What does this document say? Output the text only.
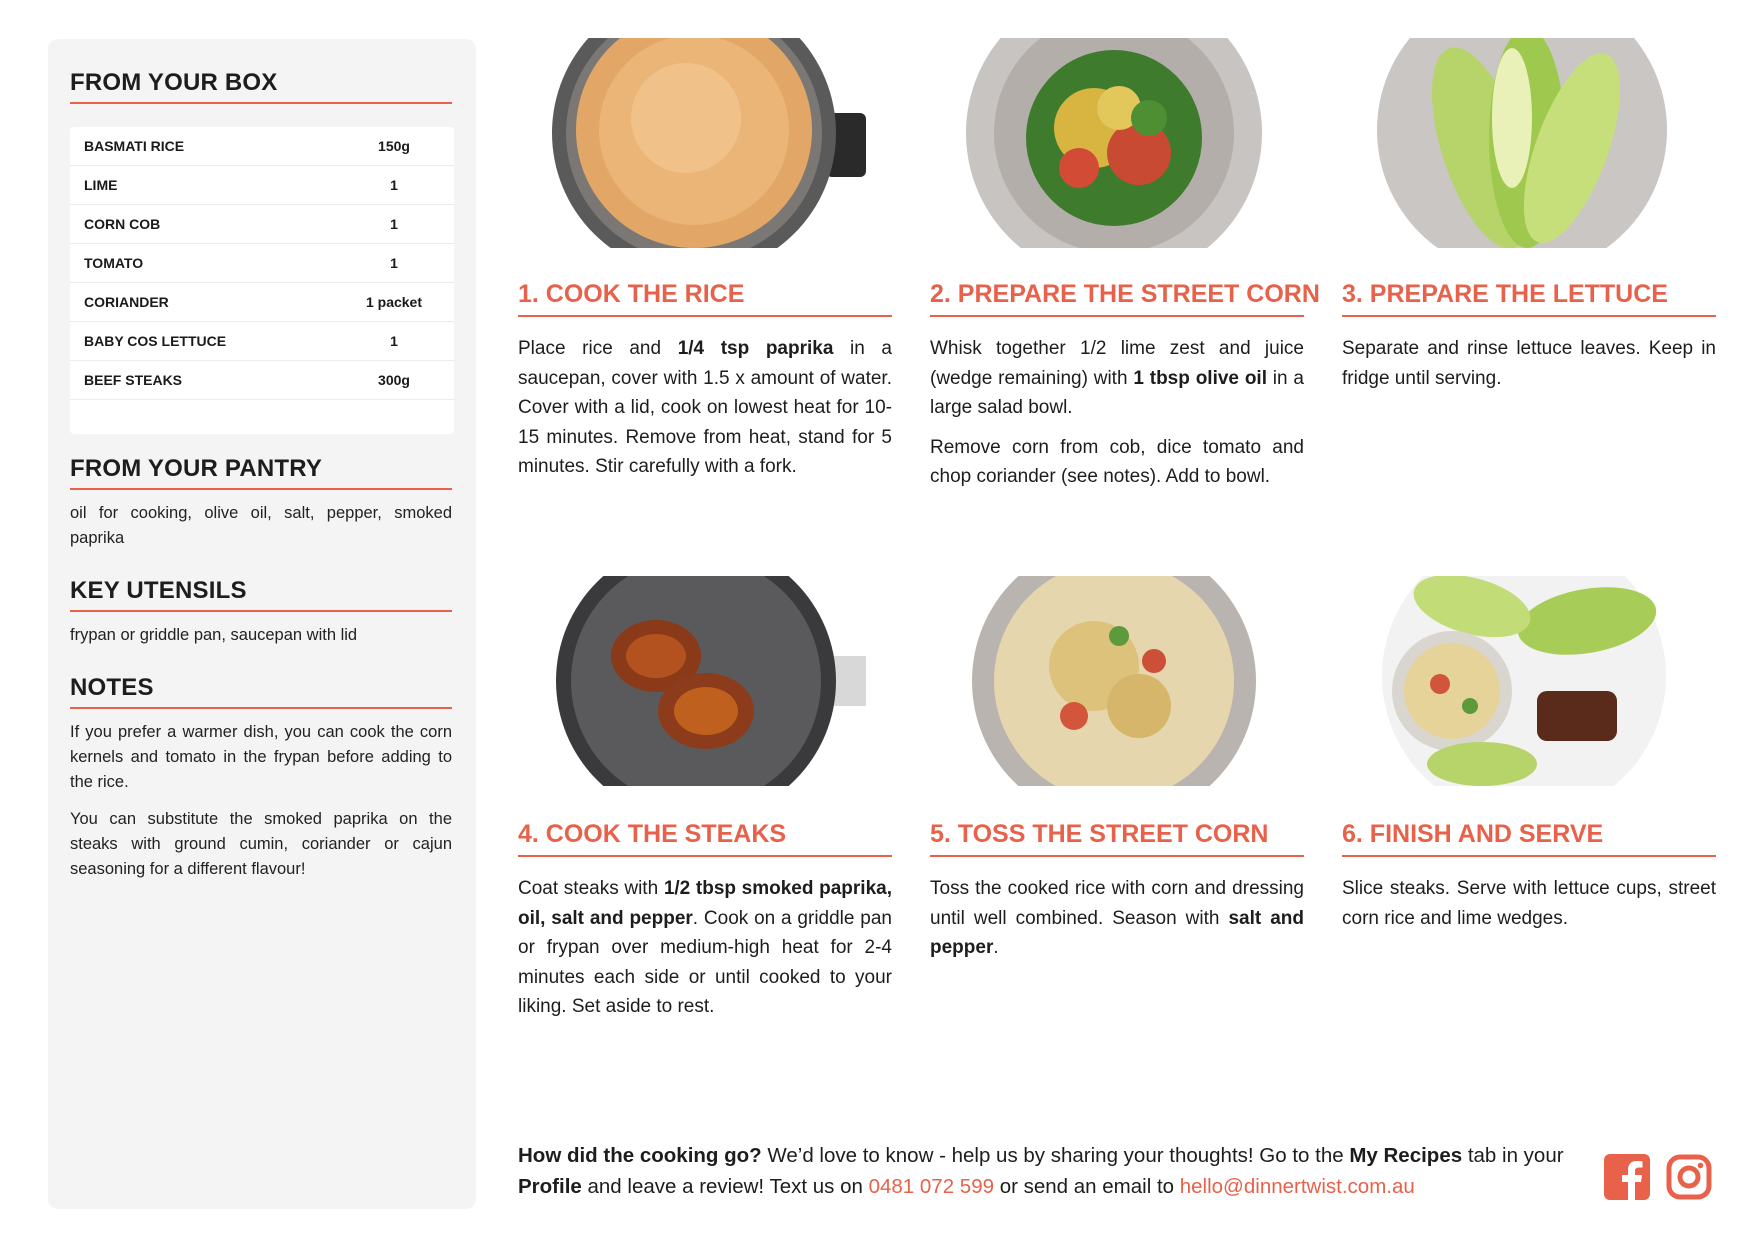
FROM YOUR BOX
BASMATI RICE	150g
LIME	1
CORN COB	1
TOMATO	1
CORIANDER	1 packet
BABY COS LETTUCE	1
BEEF STEAKS	300g
FROM YOUR PANTRY

oil for cooking, olive oil, salt, pepper, smoked paprika

KEY UTENSILS

frypan or griddle pan, saucepan with lid

NOTES

If you prefer a warmer dish, you can cook the corn kernels and tomato in the frypan before adding to the rice.

You can substitute the smoked paprika on the steaks with ground cumin, coriander or cajun seasoning for a different flavour!

1. COOK THE RICE	2. PREPARE THE STREET CORN 3. PREPARE THE LETTUCE
4. COOK THE STEAKS	5. TOSS THE STREET CORN	6. FINISH AND SERVE

Place rice and 1/4 tsp paprika in a saucepan, cover with 1.5 x amount of water. Cover with a lid, cook on lowest heat for 10-15 minutes. Remove from heat, stand for 5 minutes. Stir carefully with a fork.

Whisk together 1/2 lime zest and juice (wedge remaining) with 1 tbsp olive oil in a large salad bowl.

Remove corn from cob, dice tomato and chop coriander (see notes). Add to bowl.

Separate and rinse lettuce leaves. Keep in fridge until serving.

Coat steaks with 1/2 tbsp smoked paprika, oil, salt and pepper. Cook on a griddle pan or frypan over medium-high heat for 2-4 minutes each side or until cooked to your liking. Set aside to rest.

Toss the cooked rice with corn and dressing until well combined. Season with salt and pepper.

Slice steaks. Serve with lettuce cups, street corn rice and lime wedges.

How did the cooking go? We’d love to know - help us by sharing your thoughts! Go to the My Recipes tab in your Profile and leave a review! Text us on 0481 072 599 or send an email to hello@dinnertwist.com.au
